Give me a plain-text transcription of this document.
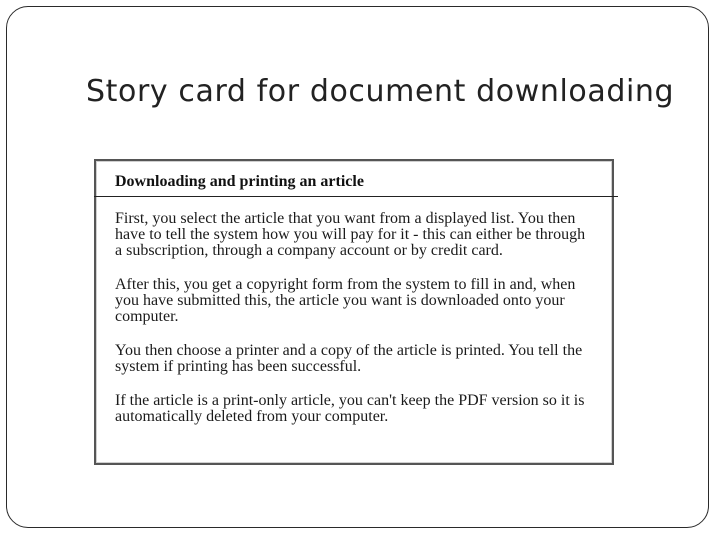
Story card for document downloading
Downloading and printing an article

First, you select the article that you want from a displayed list. You then have to tell the system how you will pay for it - this can either be through a subscription, through a company account or by credit card.

After this, you get a copyright form from the system to fill in and, when you have submitted this, the article you want is downloaded onto your computer.

You then choose a printer and a copy of the article is printed. You tell the system if printing has been successful.

If the article is a print-only article, you can't keep the PDF version so it is automatically deleted from your computer.
